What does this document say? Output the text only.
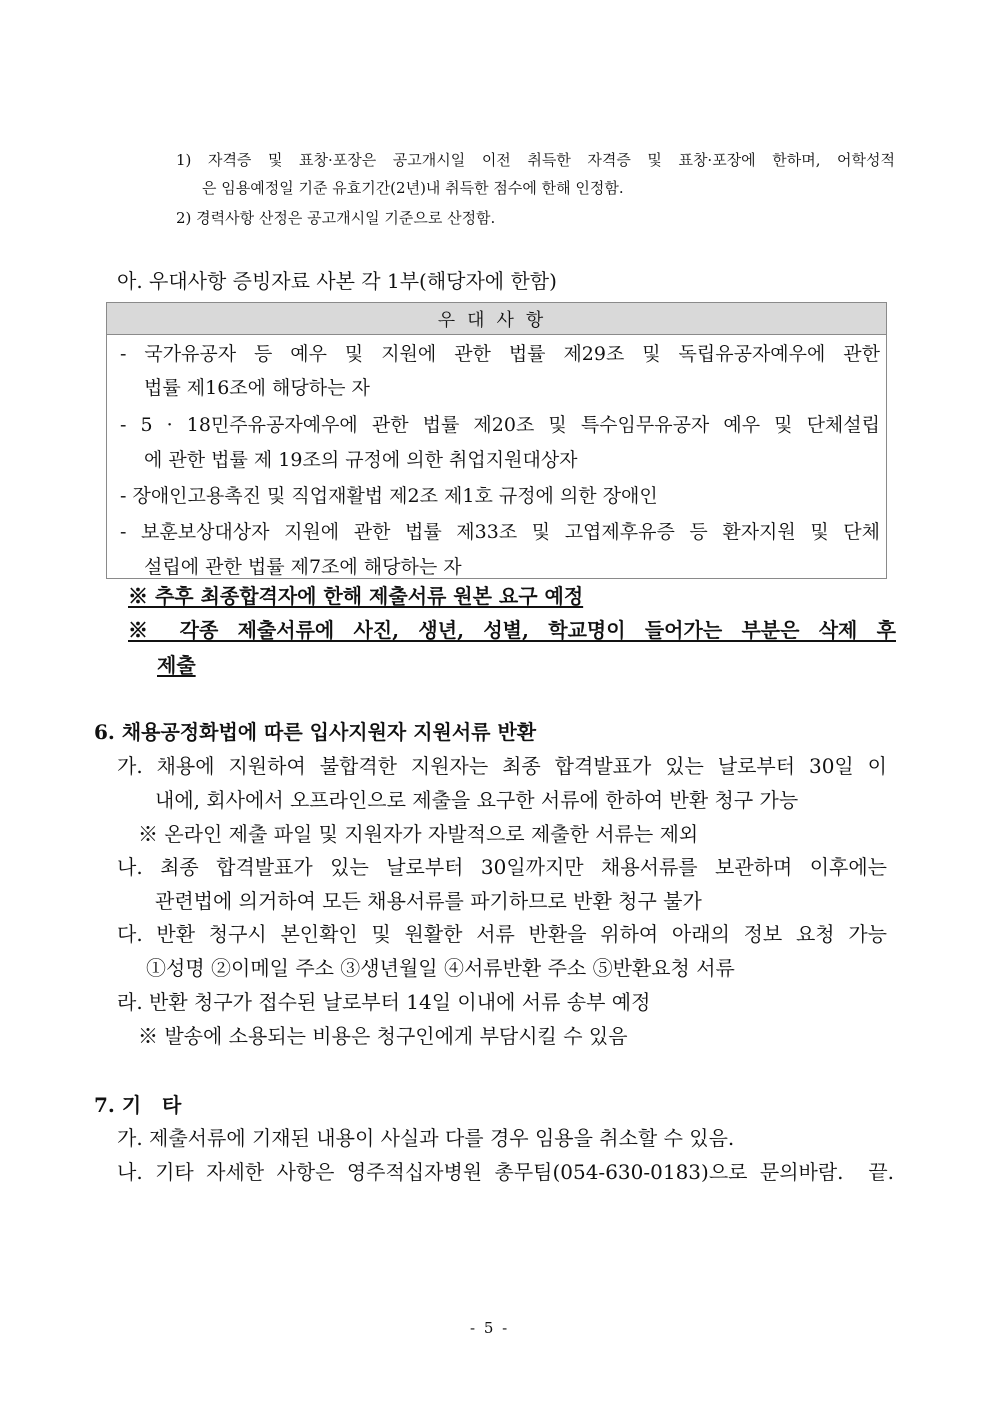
1) 자격증 및 표창·포장은 공고개시일 이전 취득한 자격증 및 표창·포장에 한하며, 어학성적
은 임용예정일 기준 유효기간(2년)내 취득한 점수에 한해 인정함.
2) 경력사항 산정은 공고개시일 기준으로 산정함.
아. 우대사항 증빙자료 사본 각 1부(해당자에 한함)
우대사항
- 국가유공자 등 예우 및 지원에 관한 법률 제29조 및 독립유공자예우에 관한
법률 제16조에 해당하는 자
- 5 · 18민주유공자예우에 관한 법률 제20조 및 특수임무유공자 예우 및 단체설립
에 관한 법률 제 19조의 규정에 의한 취업지원대상자
- 장애인고용촉진 및 직업재활법 제2조 제1호 규정에 의한 장애인
- 보훈보상대상자 지원에 관한 법률 제33조 및 고엽제후유증 등 환자지원 및 단체
설립에 관한 법률 제7조에 해당하는 자
※ 추후 최종합격자에 한해 제출서류 원본 요구 예정
※ 각종 제출서류에 사진, 생년, 성별, 학교명이 들어가는 부분은 삭제 후
제출
6. 채용공정화법에 따른 입사지원자 지원서류 반환
가. 채용에 지원하여 불합격한 지원자는 최종 합격발표가 있는 날로부터 30일 이
내에, 회사에서 오프라인으로 제출을 요구한 서류에 한하여 반환 청구 가능
※ 온라인 제출 파일 및 지원자가 자발적으로 제출한 서류는 제외
나. 최종 합격발표가 있는 날로부터 30일까지만 채용서류를 보관하며 이후에는
관련법에 의거하여 모든 채용서류를 파기하므로 반환 청구 불가
다. 반환 청구시 본인확인 및 원활한 서류 반환을 위하여 아래의 정보 요청 가능
①성명 ②이메일 주소 ③생년월일 ④서류반환 주소 ⑤반환요청 서류
라. 반환 청구가 접수된 날로부터 14일 이내에 서류 송부 예정
※ 발송에 소용되는 비용은 청구인에게 부담시킬 수 있음
7. 기   타
가. 제출서류에 기재된 내용이 사실과 다를 경우 임용을 취소할 수 있음.
나. 기타 자세한 사항은 영주적십자병원 총무팀(054-630-0183)으로 문의바람.  끝.
- 5 -
